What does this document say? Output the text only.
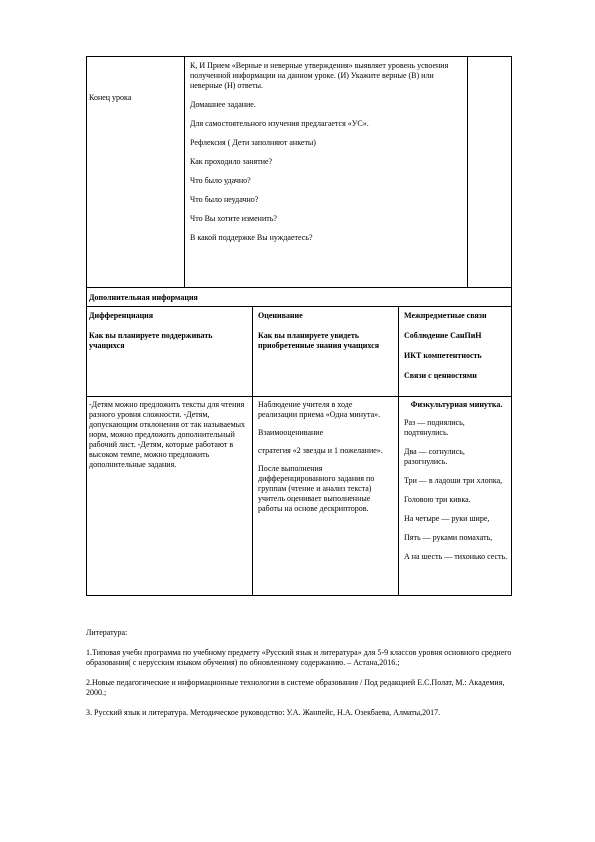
Конец урока

К, И Прием «Верные и неверные утверждения» выявляет уровень усвоения полученной информации на данном уроке. (И) Укажите верные (В) или неверные (Н) ответы.

Домашнее задание.

Для самостоятельного изучения предлагается «УС».

Рефлексия ( Дети заполняют анкеты)

Как проходило занятие?

Что было удачно?

Что было неудачно?

Что Вы хотите изменить?

В какой поддержке Вы нуждаетесь?

Дополнительная информация

Дифференциация

Как вы планируете поддерживать учащихся

Оценивание

Как вы планируете увидеть приобретенные знания учащихся

Межпредметные связи

Соблюдение СанПиН

ИКТ компетентность

Связи с ценностями

-Детям можно предложить тексты для чтения разного уровня сложности. -Детям, допускающим отклонения от так называемых норм, можно предложить дополнительный рабочий лист. -Детям, которые работают в высоком темпе, можно предложить дополнительные задания.

Наблюдение учителя в ходе реализации приема «Одна минута».

Взаимооценивание

стратегия «2 звезды и 1 пожелание».

После выполнения дифференцированного задания по группам (чтение и анализ текста) учитель оценивает выполненные работы на основе дескрипторов.

Физкультурная минутка.

Раз — поднялись, подтянулись.

Два — согнулись, разогнулись.

Три — в ладоши три хлопка,

Головою три кивка.

На четыре — руки шире,

Пять — руками помахать,

А на шесть — тихонько сесть.

Литература:

1.Типовая учебн программа по учебному предмету «Русский язык и литература» для 5-9 классов уровня основного среднего образования( с нерусским языком обучения) по обновленному содержанию. – Астана,2016.;

2.Новые педагогические и информационные технологии в системе образования / Под редакцией Е.С.Полат, М.: Академия, 2000.;

3. Русский язык и литература. Методическое руководство: У.А. Жанпейс, Н.А. Озекбаева, Алматы,2017.
